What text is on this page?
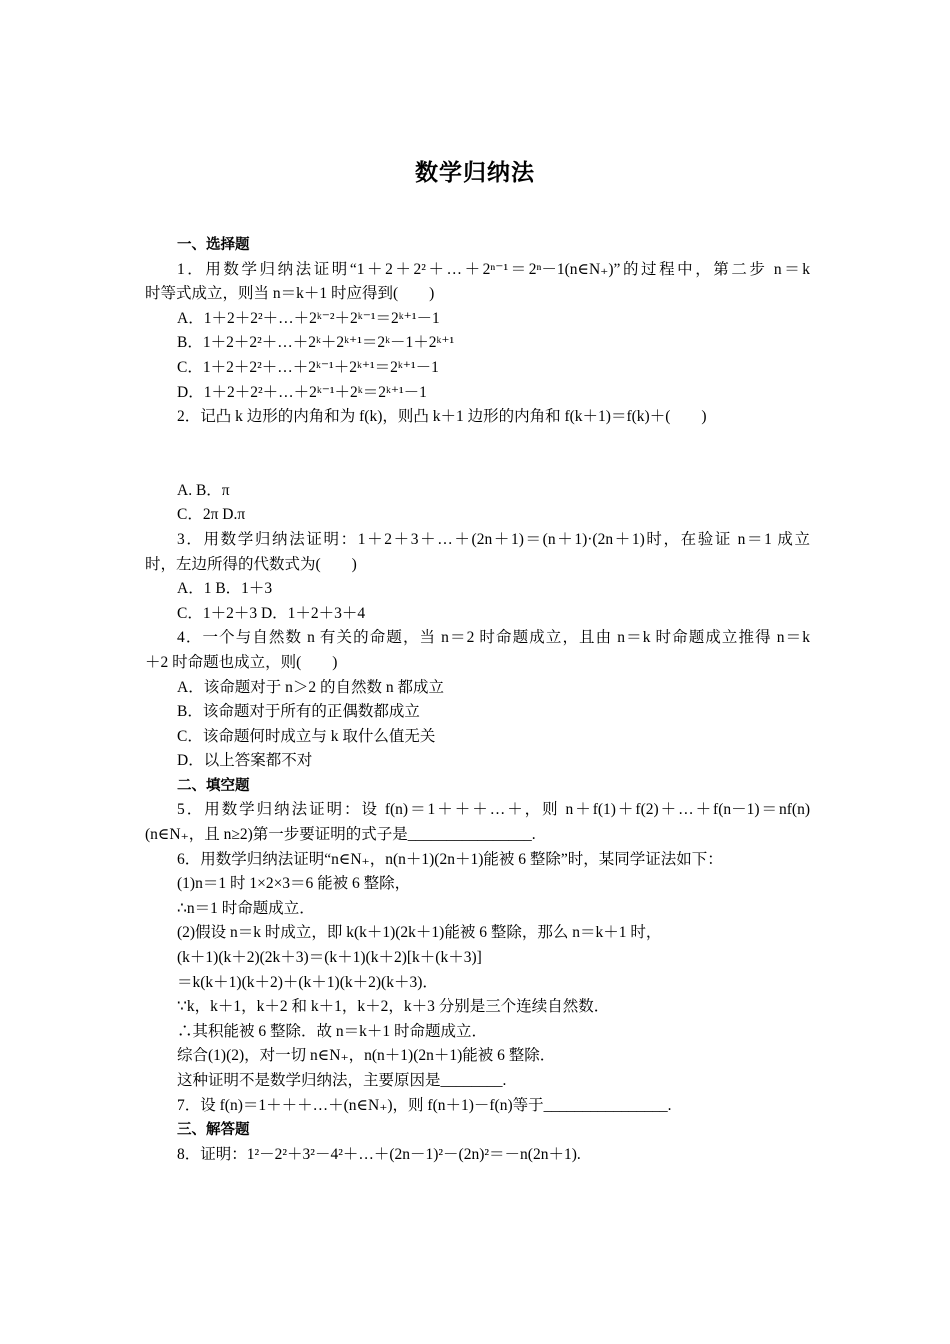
数学归纳法
一、选择题
1．用数学归纳法证明“1＋2＋2²＋…＋2ⁿ⁻¹＝2ⁿ－1(n∈N₊)”的过程中，第二步 n＝k
时等式成立，则当 n＝k＋1 时应得到(　　)
A．1＋2＋2²＋…＋2ᵏ⁻²＋2ᵏ⁻¹＝2ᵏ⁺¹－1
B．1＋2＋2²＋…＋2ᵏ＋2ᵏ⁺¹＝2ᵏ－1＋2ᵏ⁺¹
C．1＋2＋2²＋…＋2ᵏ⁻¹＋2ᵏ⁺¹＝2ᵏ⁺¹－1
D．1＋2＋2²＋…＋2ᵏ⁻¹＋2ᵏ＝2ᵏ⁺¹－1
2．记凸 k 边形的内角和为 f(k)，则凸 k＋1 边形的内角和 f(k＋1)＝f(k)＋(　　)
A. B．π
C．2π D.π
3．用数学归纳法证明：1＋2＋3＋…＋(2n＋1)＝(n＋1)·(2n＋1)时，在验证 n＝1 成立
时，左边所得的代数式为(　　)
A．1 B．1＋3
C．1＋2＋3 D．1＋2＋3＋4
4．一个与自然数 n 有关的命题，当 n＝2 时命题成立，且由 n＝k 时命题成立推得 n＝k
＋2 时命题也成立，则(　　)
A．该命题对于 n＞2 的自然数 n 都成立
B．该命题对于所有的正偶数都成立
C．该命题何时成立与 k 取什么值无关
D．以上答案都不对
二、填空题
5．用数学归纳法证明：设 f(n)＝1＋＋＋…＋，则 n＋f(1)＋f(2)＋…＋f(n－1)＝nf(n)
(n∈N₊，且 n≥2)第一步要证明的式子是________________.
6．用数学归纳法证明“n∈N₊，n(n＋1)(2n＋1)能被 6 整除”时，某同学证法如下：
(1)n＝1 时 1×2×3＝6 能被 6 整除，
∴n＝1 时命题成立．
(2)假设 n＝k 时成立，即 k(k＋1)(2k＋1)能被 6 整除，那么 n＝k＋1 时，
(k＋1)(k＋2)(2k＋3)＝(k＋1)(k＋2)[k＋(k＋3)]
＝k(k＋1)(k＋2)＋(k＋1)(k＋2)(k＋3)．
∵k，k＋1，k＋2 和 k＋1，k＋2，k＋3 分别是三个连续自然数．
∴其积能被 6 整除．故 n＝k＋1 时命题成立．
综合(1)(2)，对一切 n∈N₊，n(n＋1)(2n＋1)能被 6 整除．
这种证明不是数学归纳法，主要原因是________.
7．设 f(n)＝1＋＋＋…＋(n∈N₊)，则 f(n＋1)－f(n)等于________________.
三、解答题
8．证明：1²－2²＋3²－4²＋…＋(2n－1)²－(2n)²＝－n(2n＋1).
